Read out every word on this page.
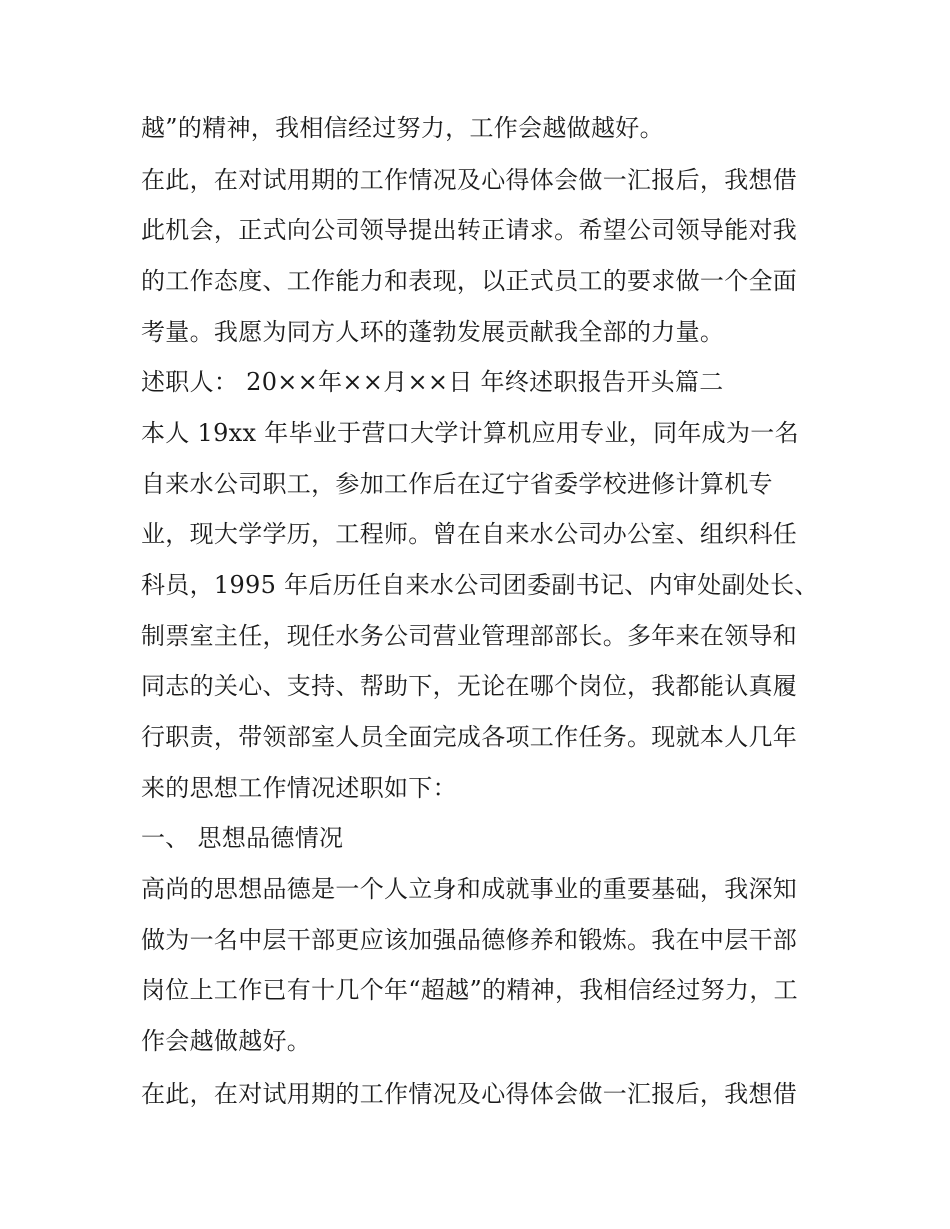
越”的精神，我相信经过努力，工作会越做越好。
在此，在对试用期的工作情况及心得体会做一汇报后，我想借
此机会，正式向公司领导提出转正请求。希望公司领导能对我
的工作态度、工作能力和表现，以正式员工的要求做一个全面
考量。我愿为同方人环的蓬勃发展贡献我全部的力量。
述职人： 20××年××月××日 年终述职报告开头篇二
本人 19xx 年毕业于营口大学计算机应用专业，同年成为一名
自来水公司职工，参加工作后在辽宁省委学校进修计算机专
业，现大学学历，工程师。曾在自来水公司办公室、组织科任
科员，1995 年后历任自来水公司团委副书记、内审处副处长、
制票室主任，现任水务公司营业管理部部长。多年来在领导和
同志的关心、支持、帮助下，无论在哪个岗位，我都能认真履
行职责，带领部室人员全面完成各项工作任务。现就本人几年
来的思想工作情况述职如下：
一、 思想品德情况
高尚的思想品德是一个人立身和成就事业的重要基础，我深知
做为一名中层干部更应该加强品德修养和锻炼。我在中层干部
岗位上工作已有十几个年“超越”的精神，我相信经过努力，工
作会越做越好。
在此，在对试用期的工作情况及心得体会做一汇报后，我想借
